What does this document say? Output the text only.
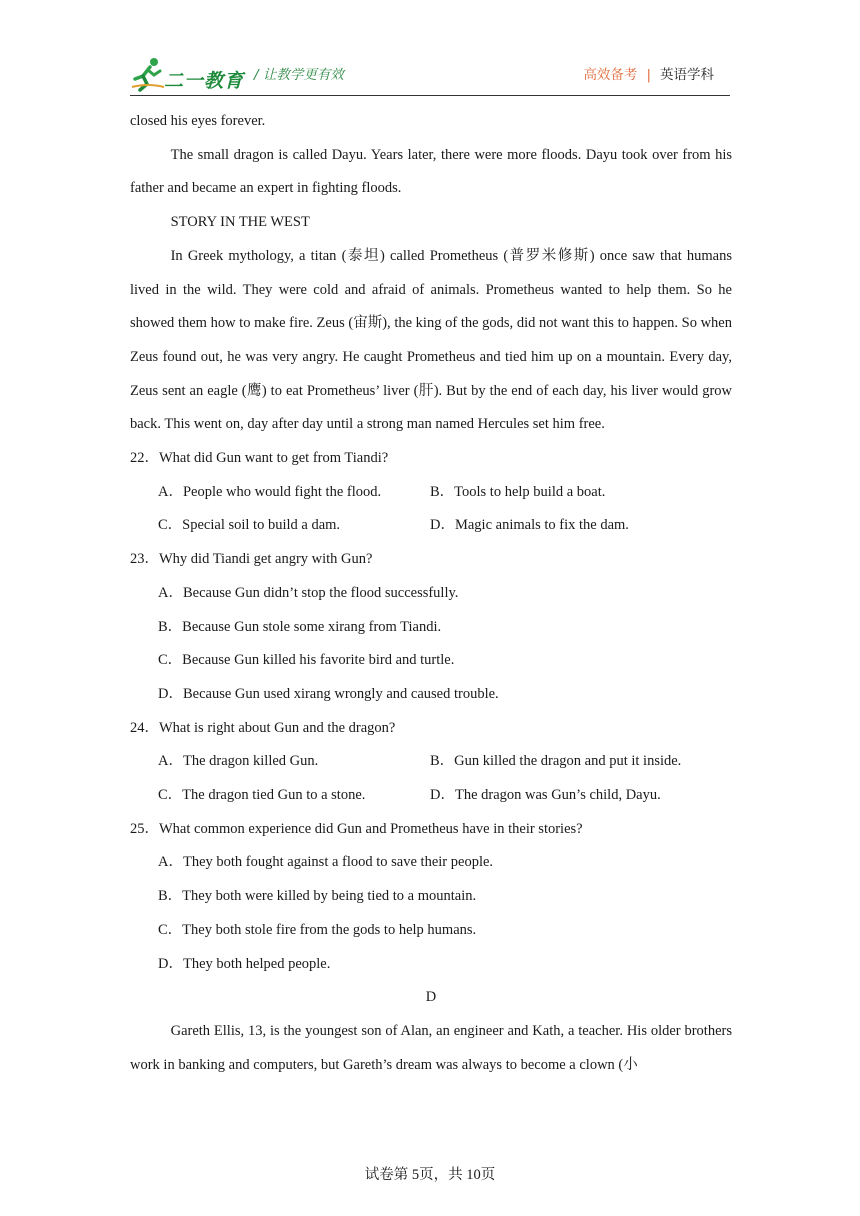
二一教育 / 让教学更有效	高效备考 | 英语学科

closed his eyes forever.

The small dragon is called Dayu. Years later, there were more floods. Dayu took over from his father and became an expert in fighting floods.

STORY IN THE WEST

In Greek mythology, a titan (泰坦) called Prometheus (普罗米修斯) once saw that humans lived in the wild. They were cold and afraid of animals. Prometheus wanted to help them. So he showed them how to make fire. Zeus (宙斯), the king of the gods, did not want this to happen. So when Zeus found out, he was very angry. He caught Prometheus and tied him up on a mountain. Every day, Zeus sent an eagle (鹰) to eat Prometheus’ liver (肝). But by the end of each day, his liver would grow back. This went on, day after day until a strong man named Hercules set him free.

22．What did Gun want to get from Tiandi?

A．People who would fight the flood.	B．Tools to help build a boat.
C．Special soil to build a dam.	D．Magic animals to fix the dam.

23．Why did Tiandi get angry with Gun?

A．Because Gun didn’t stop the flood successfully.

B．Because Gun stole some xirang from Tiandi.

C．Because Gun killed his favorite bird and turtle.

D．Because Gun used xirang wrongly and caused trouble.

24．What is right about Gun and the dragon?

A．The dragon killed Gun.	B．Gun killed the dragon and put it inside.
C．The dragon tied Gun to a stone.	D．The dragon was Gun’s child, Dayu.

25．What common experience did Gun and Prometheus have in their stories?

A．They both fought against a flood to save their people.

B．They both were killed by being tied to a mountain.

C．They both stole fire from the gods to help humans.

D．They both helped people.

D

Gareth Ellis, 13, is the youngest son of Alan, an engineer and Kath, a teacher. His older brothers work in banking and computers, but Gareth’s dream was always to become a clown (小

试卷第 5页，共 10页
